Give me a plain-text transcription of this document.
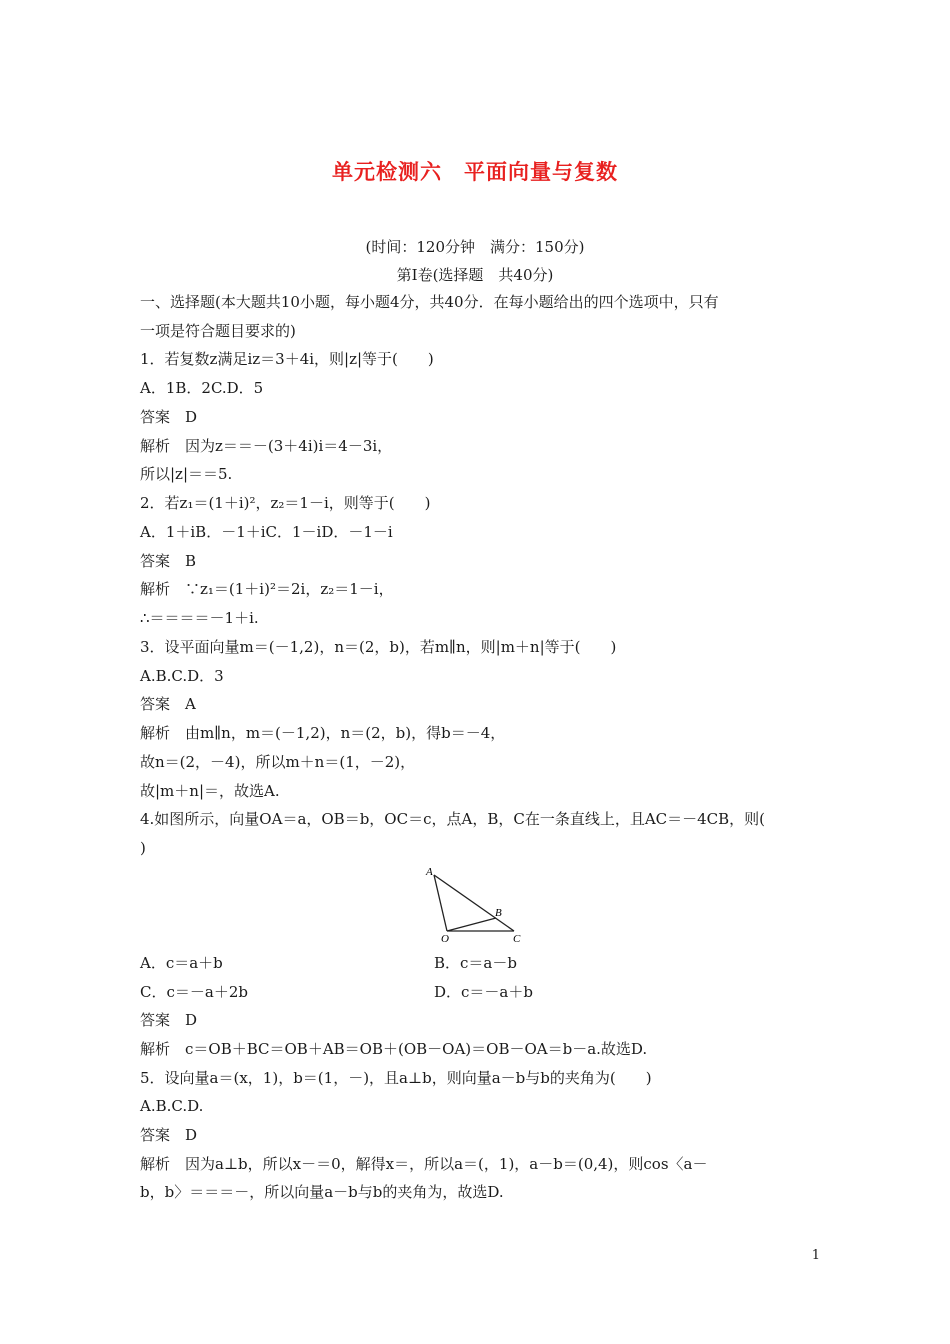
单元检测六　平面向量与复数
(时间：120分钟　满分：150分)
第Ⅰ卷(选择题　共40分)
一、选择题(本大题共10小题，每小题4分，共40分．在每小题给出的四个选项中，只有
一项是符合题目要求的)
1．若复数z满足iz＝3＋4i，则|z|等于(　　)
A．1B．2C.D．5
答案　D
解析　因为z＝＝－(3＋4i)i＝4－3i，
所以|z|＝＝5.
2．若z₁＝(1＋i)²，z₂＝1－i，则等于(　　)
A．1＋iB．－1＋iC．1－iD．－1－i
答案　B
解析　∵z₁＝(1＋i)²＝2i，z₂＝1－i，
∴＝＝＝＝－1＋i.
3．设平面向量m＝(－1,2)，n＝(2，b)，若m∥n，则|m＋n|等于(　　)
A.B.C.D．3
答案　A
解析　由m∥n，m＝(－1,2)，n＝(2，b)，得b＝－4，
故n＝(2，－4)，所以m＋n＝(1，－2)，
故|m＋n|＝，故选A.
4.如图所示，向量OA＝a，OB＝b，OC＝c，点A，B，C在一条直线上，且AC＝－4CB，则(
)
A
B
O	C
A．c＝a＋b	B．c＝a－b
C．c＝－a＋2b	D．c＝－a＋b
答案　D
解析　c＝OB＋BC＝OB＋AB＝OB＋(OB－OA)＝OB－OA＝b－a.故选D.
5．设向量a＝(x，1)，b＝(1，－)，且a⊥b，则向量a－b与b的夹角为(　　)
A.B.C.D.
答案　D
解析　因为a⊥b，所以x－＝0，解得x＝，所以a＝(，1)，a－b＝(0,4)，则cos〈a－
b，b〉＝＝＝－，所以向量a－b与b的夹角为，故选D.
1
